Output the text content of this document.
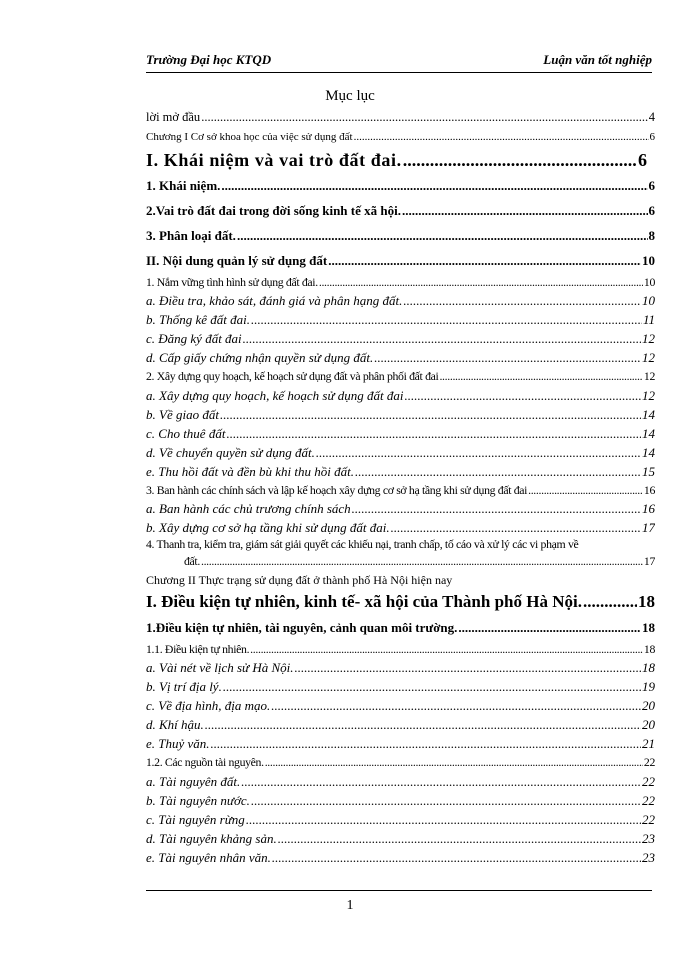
Trường Đại học KTQD	Luận văn tốt nghiệp
Mục lục
lời mở đầu .....	4
Chương I Cơ sở khoa học của việc sử dụng đất .....	6
I. Khái niệm và vai trò đất đai. .....	6
1. Khái niệm. .....	6
2.Vai trò đất đai trong đời sống kinh tế xã hội. .....	6
3. Phân loại đất. .....	8
II. Nội dung quản lý sử dụng đất .....	10
1. Nắm vững tình hình sử dụng đất đai. .....	10
a. Điều tra, khảo sát, đánh giá và phân hạng đất. .....	10
b. Thống kê đất đai. .....	11
c. Đăng ký đất đai .....	12
d. Cấp giấy chứng nhận quyền sử dụng đất. .....	12
2. Xây dựng quy hoạch, kế hoạch sử dụng đất và phân phối đất đai .....	12
a. Xây dựng quy hoạch, kế hoạch sử dụng đất đai .....	12
b. Về giao đất .....	14
c. Cho thuê đất .....	14
d. Về chuyển quyền sử dụng đất. .....	14
e. Thu hồi đất và đền bù khi thu hồi đất. .....	15
3. Ban hành các chính sách và lập kế hoạch xây dựng cơ sở hạ tầng khi sử dụng đất đai .....	16
a. Ban hành các chủ trương chính sách .....	16
b. Xây dựng cơ sở hạ tầng khi sử dụng đất đai. .....	17
4. Thanh tra, kiểm tra, giám sát giải quyết các khiếu nại, tranh chấp, tố cáo và xử lý các vi phạm về
đất. .....	17
Chương II Thực trạng sử dụng đất ở thành phố Hà Nội hiện nay
I. Điều kiện tự nhiên, kinh tế- xã hội của Thành phố Hà Nội. .....	18
1.Điều kiện tự nhiên, tài nguyên, cảnh quan môi trường. .....	18
1.1. Điều kiện tự nhiên. .....	18
a. Vài nét về lịch sử Hà Nội. .....	18
b. Vị trí địa lý. .....	19
c. Về địa hình, địa mạo. .....	20
d. Khí hậu. .....	20
e. Thuỷ văn. .....	21
1.2. Các nguồn tài nguyên. .....	22
a. Tài nguyên đất. .....	22
b. Tài nguyên nước. .....	22
c. Tài nguyên rừng .....	22
d. Tài nguyên khảng sản. .....	23
e. Tài nguyên nhân văn. .....	23
1
